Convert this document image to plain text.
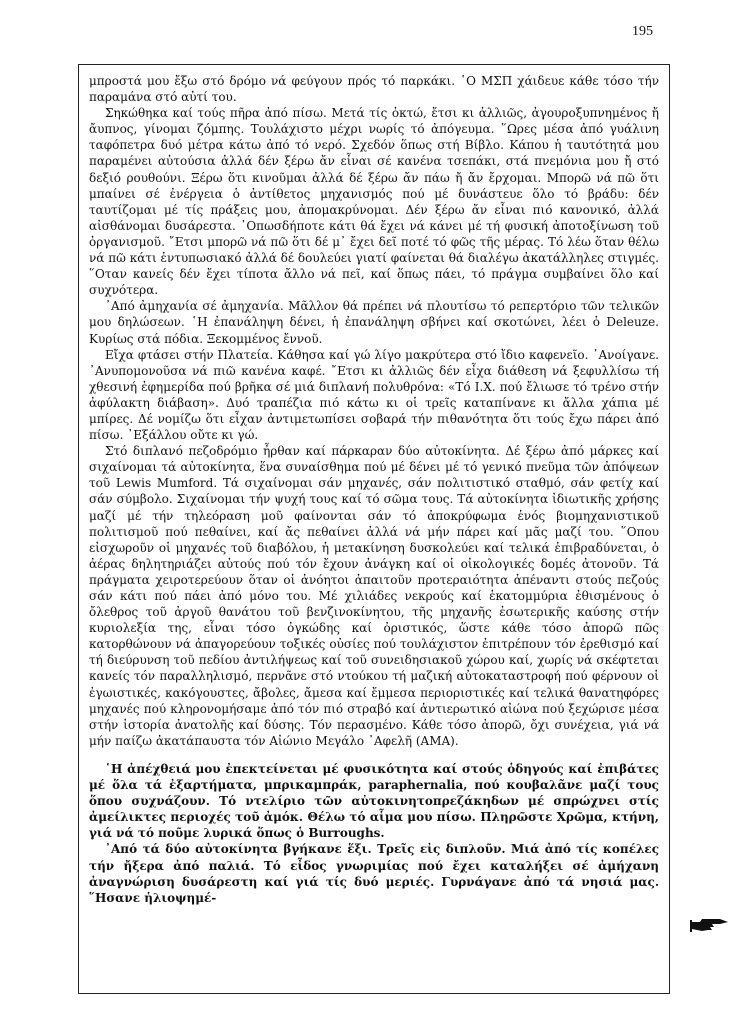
195

μπροστά μου ἔξω στό δρόμο νά φεύγουν πρός τό παρκάκι. ῾Ο ΜΣΠ χάιδευε κάθε τόσο τήν παραμάνα στό αὐτί του.

Σηκώθηκα καί τούς πῆρα ἀπό πίσω. Μετά τίς ὀκτώ, ἔτσι κι ἀλλιῶς, ἀγουροξυπνημένος ἤ ἄυπνος, γίνομαι ζόμπης. Τουλάχιστο μέχρι νωρίς τό ἀπόγευμα. ῞Ωρες μέσα ἀπό γυάλινη ταφόπετρα δυό μέτρα κάτω ἀπό τό νερό. Σχεδόν ὅπως στή Βίβλο. Κάπου ἡ ταυτότητά μου παραμένει αὐτούσια ἀλλά δέν ξέρω ἄν εἶναι σέ κανένα τσεπάκι, στά πνεμόνια μου ἤ στό δεξιό ρουθούνι. Ξέρω ὅτι κινοῦμαι ἀλλά δέ ξέρω ἄν πάω ἤ ἄν ἔρχομαι. Μπορῶ νά πῶ ὅτι μπαίνει σέ ἐνέργεια ὁ ἀντίθετος μηχανισμός πού μέ δυνάστευε ὅλο τό βράδυ: δέν ταυτίζομαι μέ τίς πράξεις μου, ἀπομακρύνομαι. Δέν ξέρω ἄν εἶναι πιό κανονικό, ἀλλά αἰσθάνομαι δυσάρεστα. ᾽Οπωσδήποτε κάτι θά ἔχει νά κάνει μέ τή φυσική ἀποτοξίνωση τοῦ ὀργανισμοῦ. ῎Ετσι μπορῶ νά πῶ ὅτι δέ μ᾽ ἔχει δεῖ ποτέ τό φῶς τῆς μέρας. Τό λέω ὅταν θέλω νά πῶ κάτι ἐντυπωσιακό ἀλλά δέ δουλεύει γιατί φαίνεται θά διαλέγω ἀκατάλληλες στιγμές. ῞Οταν κανείς δέν ἔχει τίποτα ἄλλο νά πεῖ, καί ὅπως πάει, τό πράγμα συμβαίνει ὅλο καί συχνότερα.

᾽Από ἀμηχανία σέ ἀμηχανία. Μᾶλλον θά πρέπει νά πλουτίσω τό ρεπερτόριο τῶν τελικῶν μου δηλώσεων. ῾Η ἐπανάληψη δένει, ἡ ἐπανάληψη σβήνει καί σκοτώνει, λέει ὁ Deleuze. Κυρίως στά πόδια. Ξεκομμένος ἔννοῦ.

Εἴχα φτάσει στήν Πλατεία. Κάθησα καί γώ λίγο μακρύτερα στό ἴδιο καφενεῖο. ᾽Ανοίγανε. ᾽Ανυπομονοῦσα νά πιῶ κανένα καφέ. ῎Ετσι κι ἀλλιῶς δέν εἶχα διάθεση νά ξεφυλλίσω τή χθεσινή ἐφημερίδα πού βρῆκα σέ μιά διπλανή πολυθρόνα: «Τό Ι.Χ. πού ἔλιωσε τό τρένο στήν ἀφύλακτη διάβαση». Δυό τραπέζια πιό κάτω κι οἱ τρεῖς καταπίνανε κι ἄλλα χάπια μέ μπίρες. Δέ νομίζω ὅτι εἶχαν ἀντιμετωπίσει σοβαρά τήν πιθανότητα ὅτι τούς ἔχω πάρει ἀπό πίσω. ᾽Εξάλλου οὔτε κι γώ.

Στό διπλανό πεζοδρόμιο ἦρθαν καί πάρκαραν δύο αὐτοκίνητα. Δέ ξέρω ἀπό μάρκες καί σιχαίνομαι τά αὐτοκίνητα, ἕνα συναίσθημα πού μέ δένει μέ τό γενικό πνεῦμα τῶν ἀπόψεων τοῦ Lewis Mumford. Τά σιχαίνομαι σάν μηχανές, σάν πολιτιστικό σταθμό, σάν φετίχ καί σάν σύμβολο. Σιχαίνομαι τήν ψυχή τους καί τό σῶμα τους. Τά αὐτοκίνητα ἰδιωτικῆς χρήσης μαζί μέ τήν τηλεόραση μοῦ φαίνονται σάν τό ἀποκρύφωμα ἑνός βιομηχανιστικοῦ πολιτισμοῦ πού πεθαίνει, καί ἄς πεθαίνει ἀλλά νά μήν πάρει καί μᾶς μαζί του. ῞Οπου εἰσχωροῦν οἱ μηχανές τοῦ διαβόλου, ἡ μετακίνηση δυσκολεύει καί τελικά ἐπιβραδύνεται, ὁ ἀέρας δηλητηριάζει αὐτούς πού τόν ἔχουν ἀνάγκη καί οἱ οἰκολογικές δομές ἀτονοῦν. Τά πράγματα χειροτερεύουν ὅταν οἱ ἀνόητοι ἀπαιτοῦν προτεραιότητα ἀπέναντι στούς πεζούς σάν κάτι πού πάει ἀπό μόνο του. Μέ χιλιάδες νεκρούς καί ἑκατομμύρια ἐθισμένους ὁ ὄλεθρος τοῦ ἀργοῦ θανάτου τοῦ βενζινοκίνητου, τῆς μηχανῆς ἐσωτερικῆς καύσης στήν κυριολεξία της, εἶναι τόσο ὀγκώδης καί ὀριστικός, ὥστε κάθε τόσο ἀπορῶ πῶς κατορθώνουν νά ἀπαγορεύουν τοξικές οὐσίες πού τουλάχιστον ἐπιτρέπουν τόν ἐρεθισμό καί τή διεύρυνση τοῦ πεδίου ἀντιλήψεως καί τοῦ συνειδησιακοῦ χώρου καί, χωρίς νά σκέφτεται κανείς τόν παραλληλισμό, περνᾶνε στό ντούκου τή μαζική αὐτοκαταστροφή πού φέρνουν οἱ ἐγωιστικές, κακόγουστες, ἄβολες, ἄμεσα καί ἔμμεσα περιοριστικές καί τελικά θανατηφόρες μηχανές πού κληρονομήσαμε ἀπό τόν πιό στραβό καί ἀντιερωτικό αἰώνα πού ξεχώρισε μέσα στήν ἱστορία ἀνατολῆς καί δύσης. Τόν περασμένο. Κάθε τόσο ἀπορῶ, ὄχι συνέχεια, γιά νά μήν παίζω ἀκατάπαυστα τόν Αἰώνιο Μεγάλο ᾽Αφελῆ (ΑΜΑ).

῾Η ἀπέχθειά μου ἐπεκτείνεται μέ φυσικότητα καί στούς ὁδηγούς καί ἐπιβάτες μέ ὅλα τά ἐξαρτήματα, μπρικαμπράκ, paraphernalia, πού κουβαλᾶνε μαζί τους ὅπου συχνάζουν. Τό ντελίριο τῶν αὐτοκινητοπρεζάκηδων μέ σπρώχνει στίς ἀμείλικτες περιοχές τοῦ ἀμόκ. Θέλω τό αἷμα μου πίσω. Πληρῶστε Χρῶμα, κτήνη, γιά νά τό ποῦμε λυρικά ὅπως ὁ Burroughs.

᾽Από τά δύο αὐτοκίνητα βγήκανε ἕξι. Τρεῖς εἰς διπλοῦν. Μιά ἀπό τίς κοπέλες τήν ἤξερα ἀπό παλιά. Τό εἶδος γνωριμίας πού ἔχει καταλήξει σέ ἀμήχανη ἀναγνώριση δυσάρεστη καί γιά τίς δυό μεριές. Γυρνάγανε ἀπό τά νησιά μας. ῞Ησανε ἡλιοψημέ-
